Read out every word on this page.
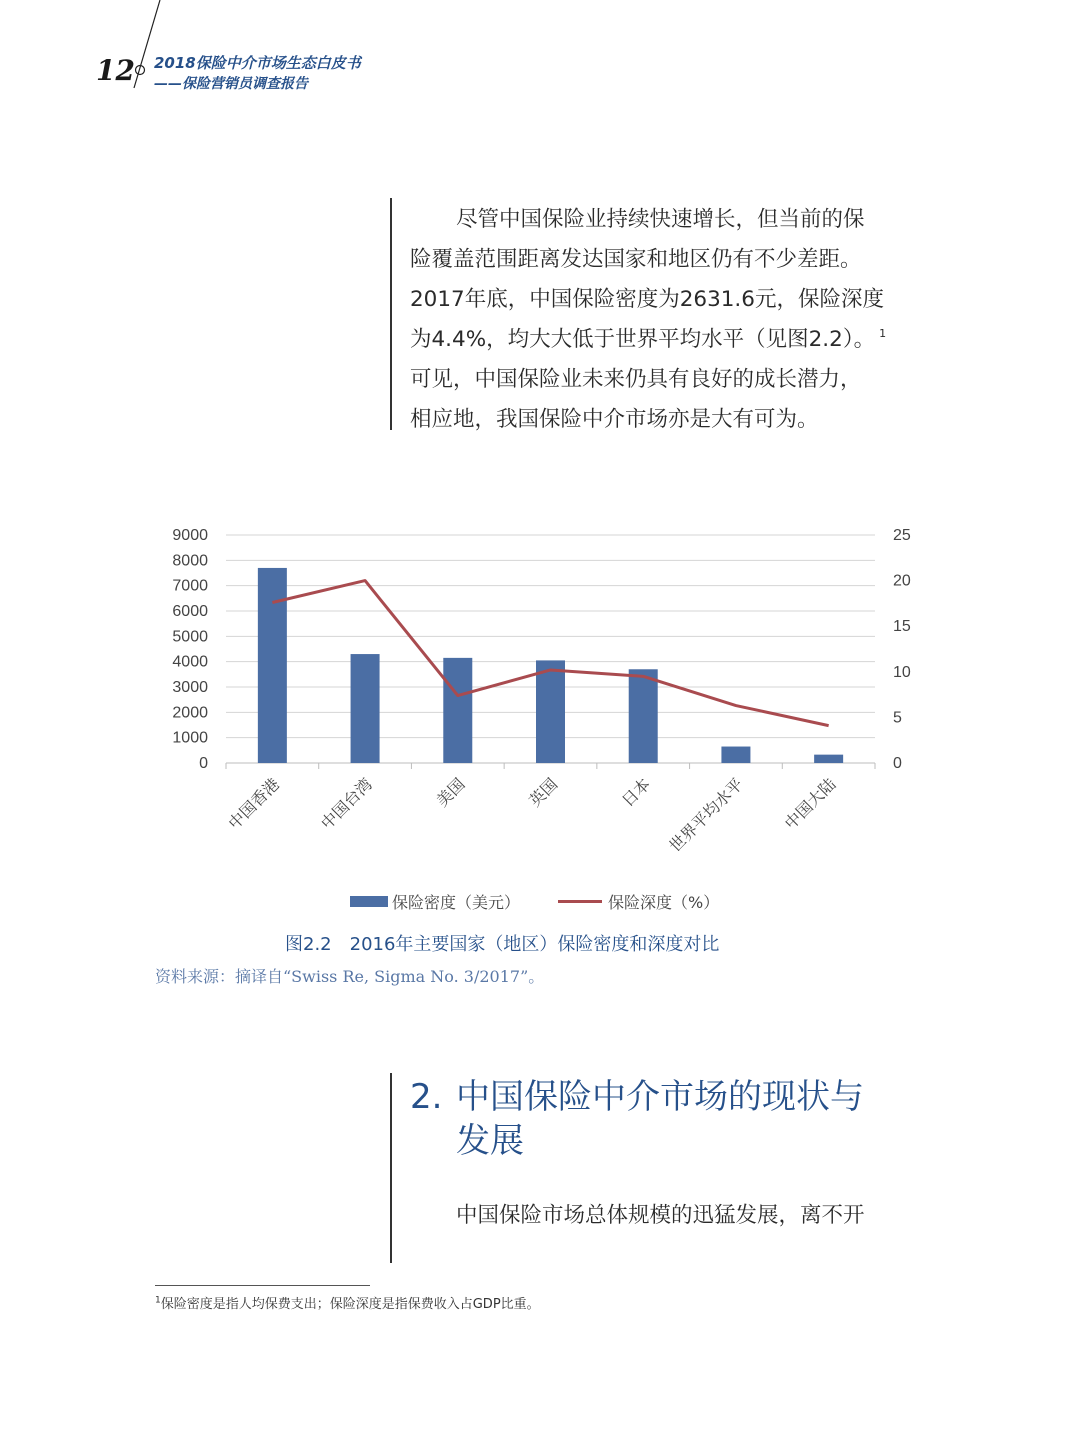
12 2018保险中介市场生态白皮书
——保险营销员调查报告

尽管中国保险业持续快速增长，但当前的保

险覆盖范围距离发达国家和地区仍有不少差距。

2017年底，中国保险密度为2631.6元，保险深度

为4.4%，均大大低于世界平均水平（见图2.2）。 $^1$

可见，中国保险业未来仍具有良好的成长潜力，

相应地，我国保险中介市场亦是大有可为。

0
1000
2000
3000
4000
5000
6000
7000
8000
9000
0
5
10
15
20
25
中国香港 中国台湾	美国	英国	日本 世界平均水平 中国大陆
保险密度（美元）	保险深度（%）
图2.2　2016年主要国家（地区）保险密度和深度对比
资料来源：摘译自“Swiss Re, Sigma No. 3/2017”。
2. 中国保险中介市场的现状与
发展
中国保险市场总体规模的迅猛发展，离不开
$^1$保险密度是指人均保费支出；保险深度是指保费收入占GDP比重。
